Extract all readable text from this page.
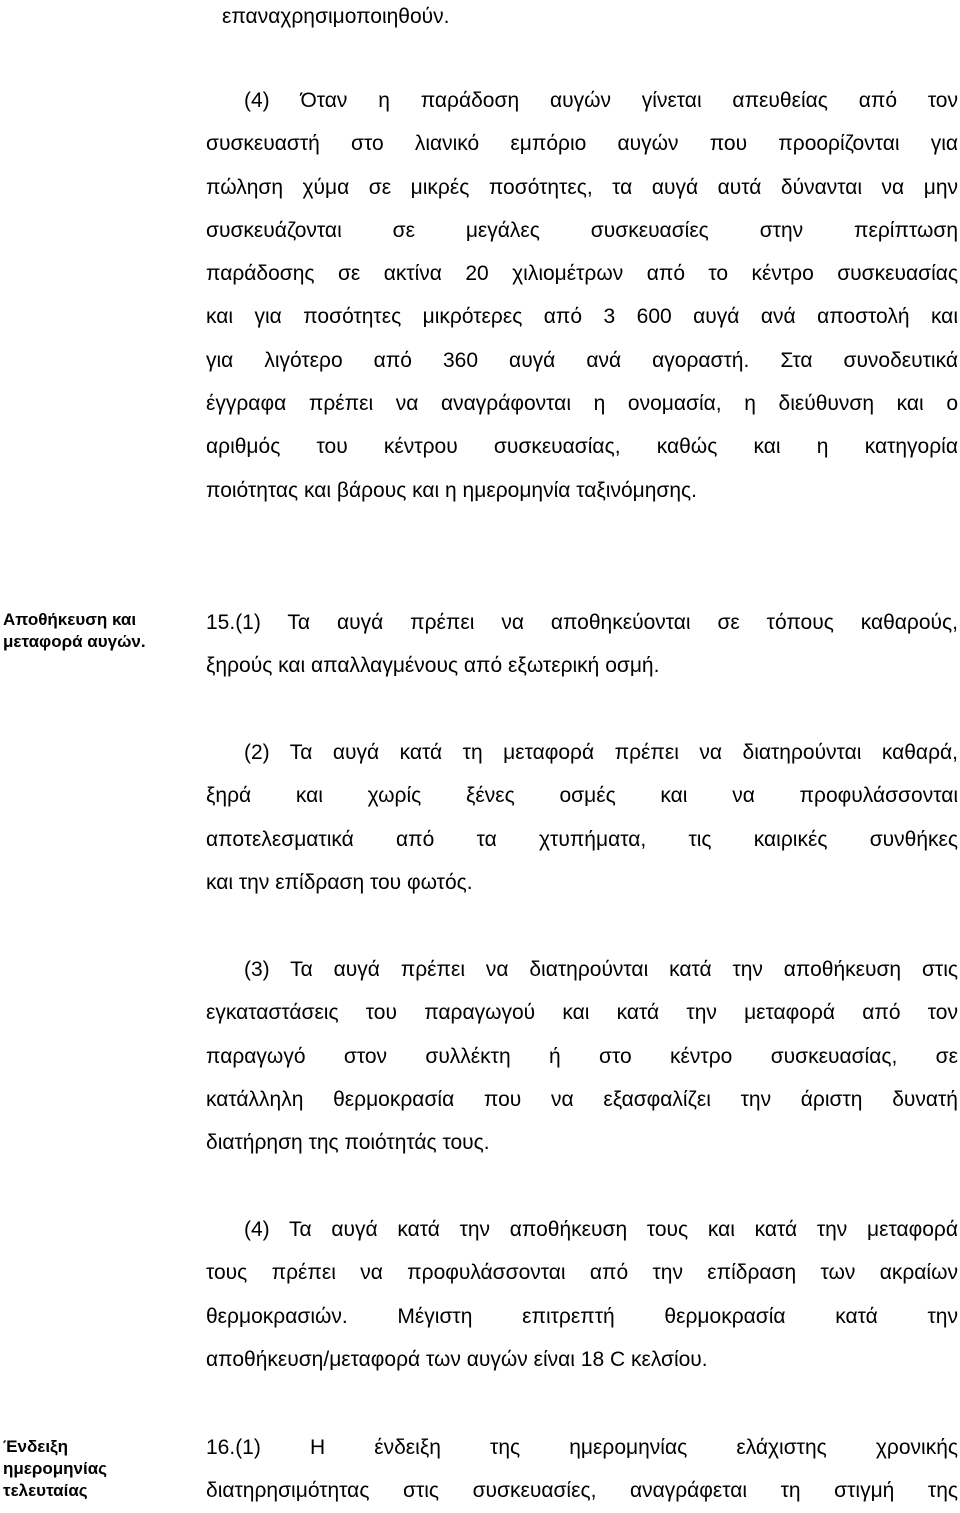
επαναχρησιμοποιηθούν.
(4) Όταν η παράδοση αυγών γίνεται απευθείας από τον
συσκευαστή στο λιανικό εμπόριο αυγών που προορίζονται για
πώληση χύμα σε μικρές ποσότητες, τα αυγά αυτά δύνανται να μην
συσκευάζονται σε μεγάλες συσκευασίες στην περίπτωση
παράδοσης σε ακτίνα 20 χιλιομέτρων από το κέντρο συσκευασίας
και για ποσότητες μικρότερες από 3 600 αυγά ανά αποστολή και
για λιγότερο από 360 αυγά ανά αγοραστή. Στα συνοδευτικά
έγγραφα πρέπει να αναγράφονται η ονομασία, η διεύθυνση και ο
αριθμός του κέντρου συσκευασίας, καθώς και η κατηγορία
ποιότητας και βάρους και η ημερομηνία ταξινόμησης.
Αποθήκευση και
μεταφορά αυγών.
15.(1) Τα αυγά πρέπει να αποθηκεύονται σε τόπους καθαρούς,
ξηρούς και απαλλαγμένους από εξωτερική οσμή.
(2) Τα αυγά κατά τη μεταφορά πρέπει να διατηρούνται καθαρά,
ξηρά και χωρίς ξένες οσμές και να προφυλάσσονται
αποτελεσματικά από τα χτυπήματα, τις καιρικές συνθήκες
και την επίδραση του φωτός.
(3) Τα αυγά πρέπει να διατηρούνται κατά την αποθήκευση στις
εγκαταστάσεις του παραγωγού και κατά την μεταφορά από τον
παραγωγό στον συλλέκτη ή στο κέντρο συσκευασίας, σε
κατάλληλη θερμοκρασία που να εξασφαλίζει την άριστη δυνατή
διατήρηση της ποιότητάς τους.
(4) Τα αυγά κατά την αποθήκευση τους και κατά την μεταφορά
τους πρέπει να προφυλάσσονται από την επίδραση των ακραίων
θερμοκρασιών. Μέγιστη επιτρεπτή θερμοκρασία κατά την
αποθήκευση/μεταφορά των αυγών είναι 18 C κελσίου.
Ένδειξη
ημερομηνίας
τελευταίας
16.(1) Η ένδειξη της ημερομηνίας ελάχιστης χρονικής
διατηρησιμότητας στις συσκευασίες, αναγράφεται τη στιγμή της
